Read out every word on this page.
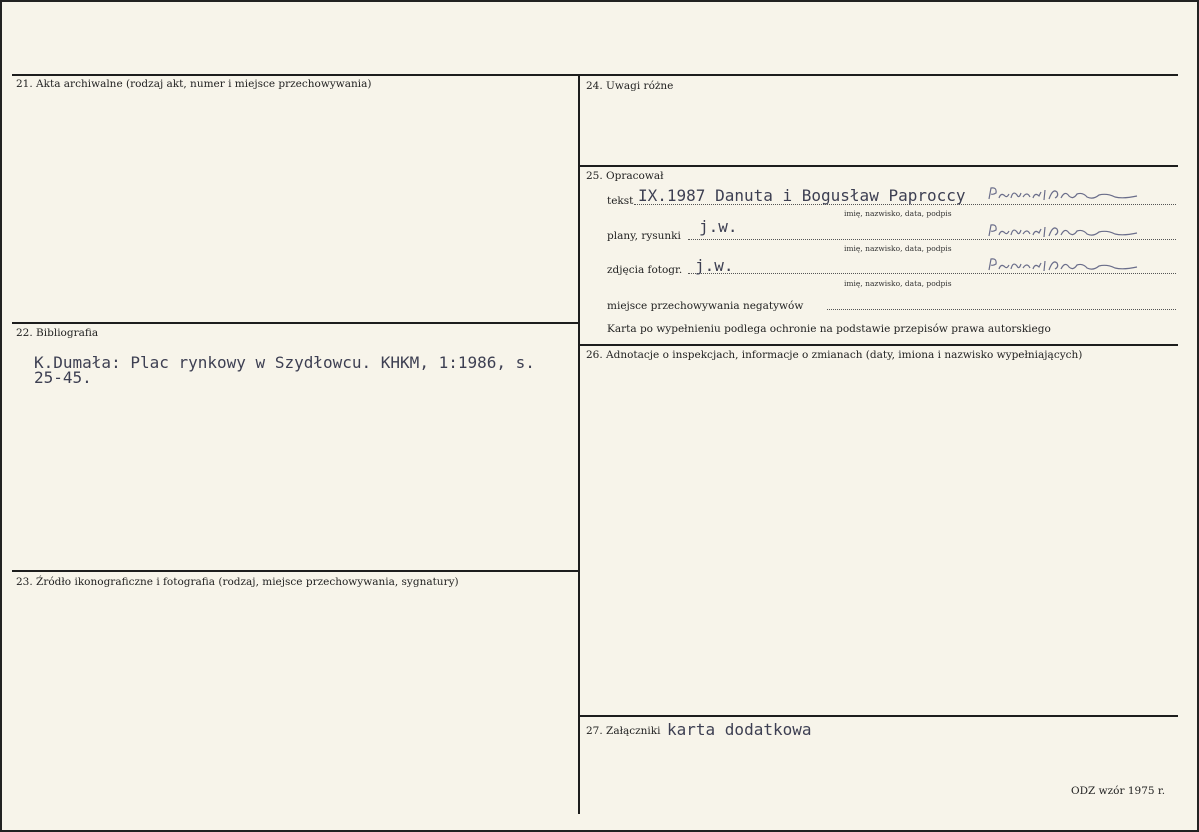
21. Akta archiwalne (rodzaj akt, numer i miejsce przechowywania)
22. Bibliografia
K.Dumała: Plac rynkowy w Szydłowcu. KHKM, 1:1986, s.
25-45.
23. Źródło ikonograficzne i fotografia (rodzaj, miejsce przechowywania, sygnatury)
24. Uwagi różne
25. Opracował
tekst IX.1987 Danuta i Bogusław Paproccy
imię, nazwisko, data, podpis
plany, rysunki j.w.
imię, nazwisko, data, podpis
zdjęcia fotogr. j.w.
imię, nazwisko, data, podpis
miejsce przechowywania negatywów
Karta po wypełnieniu podlega ochronie na podstawie przepisów prawa autorskiego
26. Adnotacje o inspekcjach, informacje o zmianach (daty, imiona i nazwisko wypełniających)
27. Załączniki karta dodatkowa
ODZ wzór 1975 r.
